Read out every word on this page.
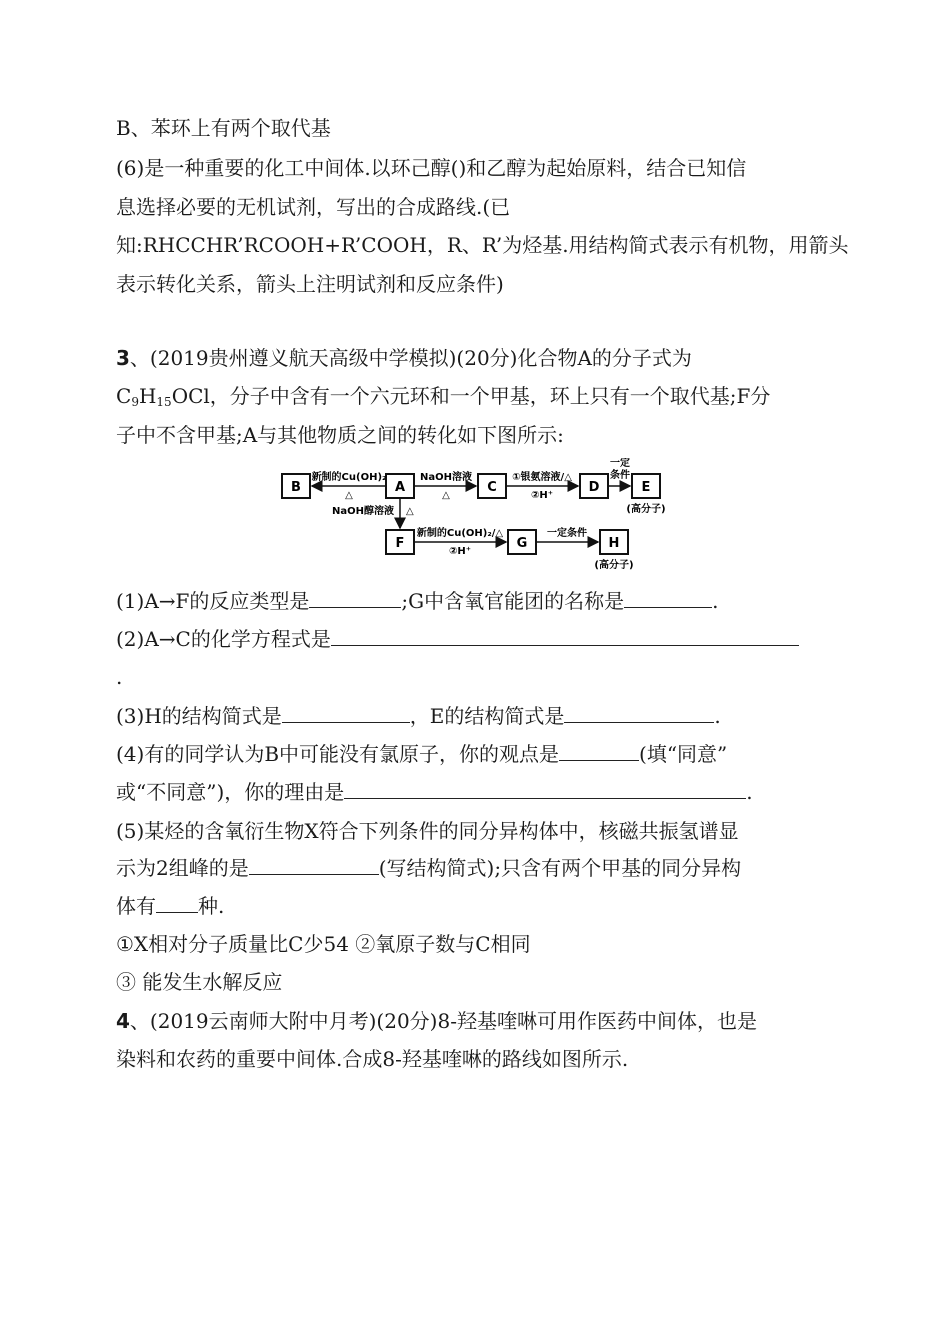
B、苯环上有两个取代基
(6)是一种重要的化工中间体.以环己醇()和乙醇为起始原料，结合已知信
息选择必要的无机试剂，写出的合成路线.(已
知:RHCCHR’RCOOH+R’COOH，R、R’为烃基.用结构简式表示有机物，用箭头
表示转化关系，箭头上注明试剂和反应条件)
3、(2019贵州遵义航天高级中学模拟)(20分)化合物A的分子式为
$C_9H_{15}OCl$，分子中含有一个六元环和一个甲基，环上只有一个取代基;F分
子中不含甲基;A与其他物质之间的转化如下图所示:
B	A	C	D	E
F	G	H
新制的Cu(OH)₂
△
NaOH溶液
△
①银氨溶液/△
②H⁺
一定
条件
(高分子)
NaOH醇溶液 △
新制的Cu(OH)₂/△
②H⁺
一定条件
(高分子)
(1)A→F的反应类型是	;G中含氧官能团的名称是	.
(2)A→C的化学方程式是
.
(3)H的结构简式是	，E的结构简式是	.
(4)有的同学认为B中可能没有氯原子，你的观点是	(填“同意”
或“不同意”)，你的理由是	.
(5)某烃的含氧衍生物X符合下列条件的同分异构体中，核磁共振氢谱显
示为2组峰的是	(写结构简式);只含有两个甲基的同分异构
体有 种.
①X相对分子质量比C少54 ②氧原子数与C相同
③ 能发生水解反应
4、(2019云南师大附中月考)(20分)8-羟基喹啉可用作医药中间体，也是
染料和农药的重要中间体.合成8-羟基喹啉的路线如图所示.
